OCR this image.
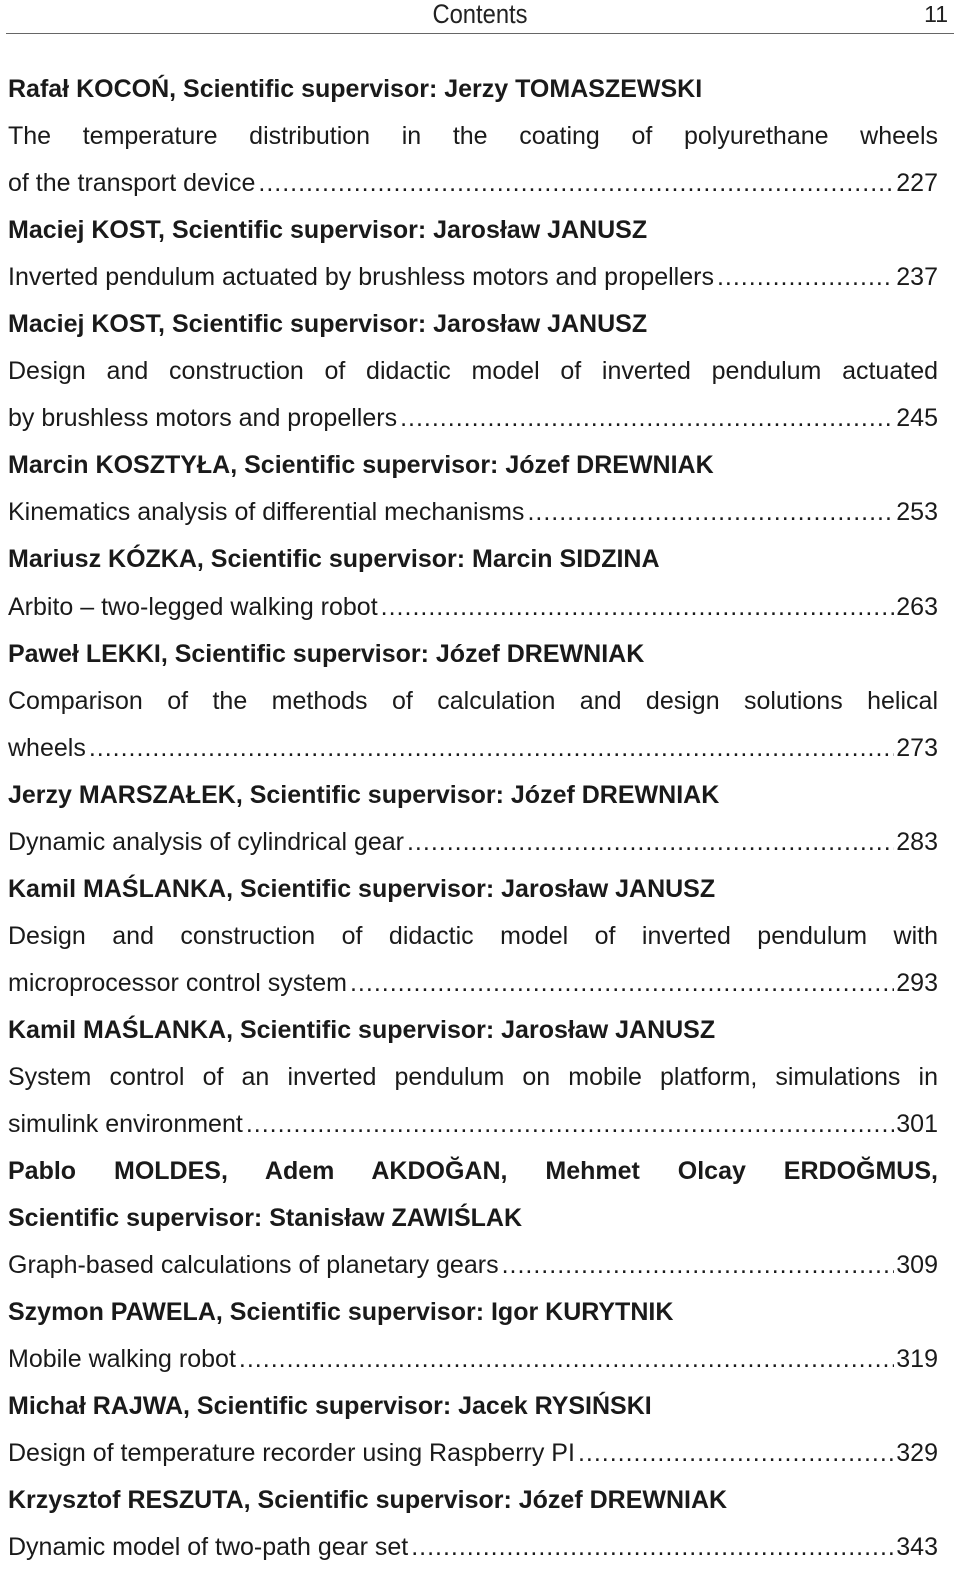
Contents	11
Rafał KOCOŃ, Scientific supervisor: Jerzy TOMASZEWSKI
The temperature distribution in the coating of polyurethane wheels
of the transport device .....	227
Maciej KOST, Scientific supervisor: Jarosław JANUSZ
Inverted pendulum actuated by brushless motors and propellers .....	237
Maciej KOST, Scientific supervisor: Jarosław JANUSZ
Design and construction of didactic model of inverted pendulum actuated
by brushless motors and propellers .....	245
Marcin KOSZTYŁA, Scientific supervisor: Józef DREWNIAK
Kinematics analysis of differential mechanisms .....	253
Mariusz KÓZKA, Scientific supervisor: Marcin SIDZINA
Arbito – two-legged walking robot .....	263
Paweł LEKKI, Scientific supervisor: Józef DREWNIAK
Comparison of the methods of calculation and design solutions helical
wheels .....	273
Jerzy MARSZAŁEK, Scientific supervisor: Józef DREWNIAK
Dynamic analysis of cylindrical gear .....	283
Kamil MAŚLANKA, Scientific supervisor: Jarosław JANUSZ
Design and construction of didactic model of inverted pendulum with
microprocessor control system .....	293
Kamil MAŚLANKA, Scientific supervisor: Jarosław JANUSZ
System control of an inverted pendulum on mobile platform, simulations in
simulink environment .....	301
Pablo MOLDES, Adem AKDOĞAN, Mehmet Olcay ERDOĞMUS,
Scientific supervisor: Stanisław ZAWIŚLAK
Graph-based calculations of planetary gears .....	309
Szymon PAWELA, Scientific supervisor: Igor KURYTNIK
Mobile walking robot .....	319
Michał RAJWA, Scientific supervisor: Jacek RYSIŃSKI
Design of temperature recorder using Raspberry PI .....	329
Krzysztof RESZUTA, Scientific supervisor: Józef DREWNIAK
Dynamic model of two-path gear set .....	343
